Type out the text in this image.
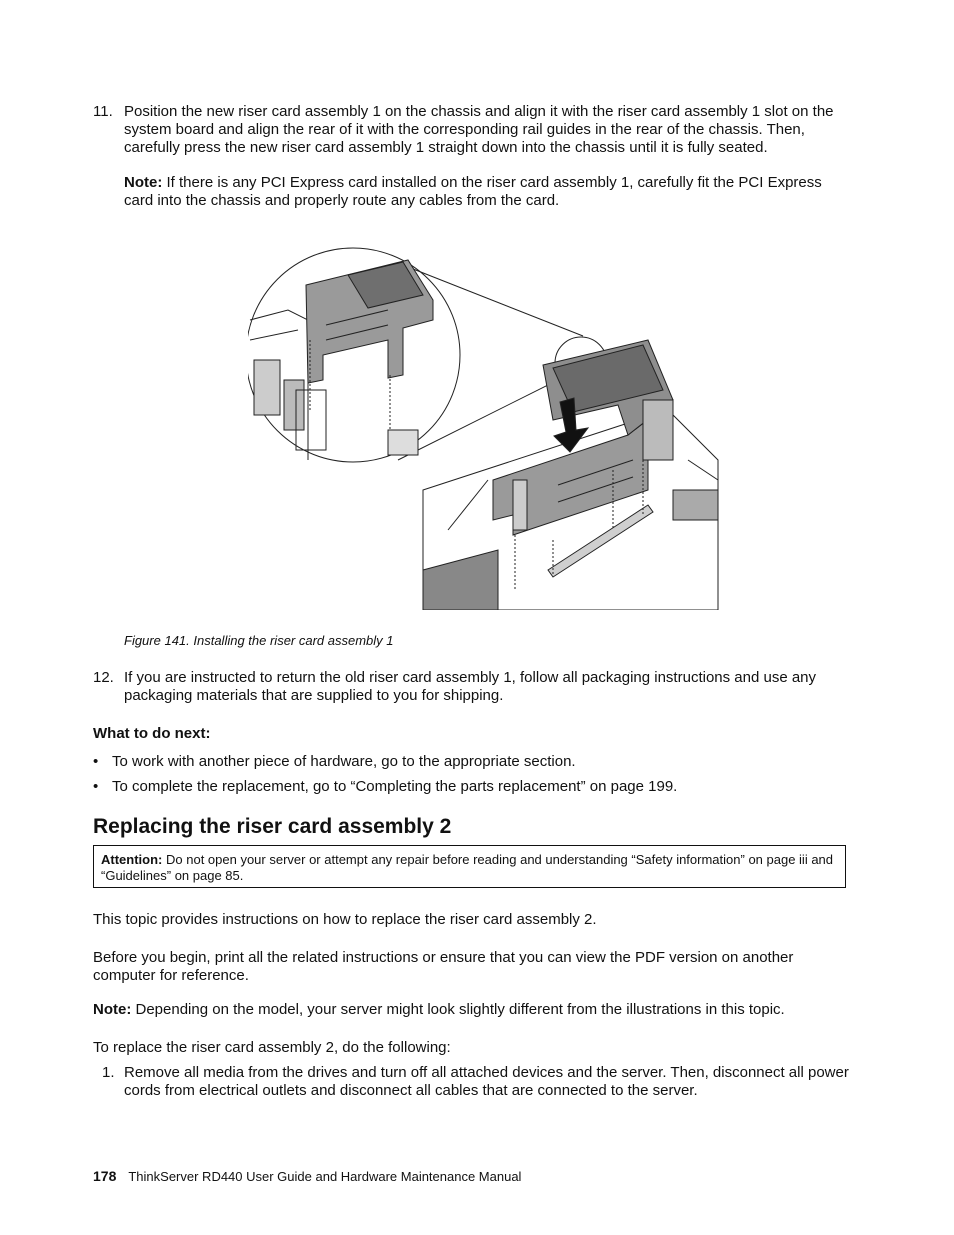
11. Position the new riser card assembly 1 on the chassis and align it with the riser card assembly 1 slot on the system board and align the rear of it with the corresponding rail guides in the rear of the chassis. Then, carefully press the new riser card assembly 1 straight down into the chassis until it is fully seated.

Note: If there is any PCI Express card installed on the riser card assembly 1, carefully fit the PCI Express card into the chassis and properly route any cables from the card.

Figure 141. Installing the riser card assembly 1
12. If you are instructed to return the old riser card assembly 1, follow all packaging instructions and use any packaging materials that are supplied to you for shipping.

What to do next:
• To work with another piece of hardware, go to the appropriate section.
• To complete the replacement, go to “Completing the parts replacement” on page 199.
Replacing the riser card assembly 2
Attention: Do not open your server or attempt any repair before reading and understanding “Safety information” on page iii and “Guidelines” on page 85.

This topic provides instructions on how to replace the riser card assembly 2.

Before you begin, print all the related instructions or ensure that you can view the PDF version on another computer for reference.

Note: Depending on the model, your server might look slightly different from the illustrations in this topic.

To replace the riser card assembly 2, do the following:

1. Remove all media from the drives and turn off all attached devices and the server. Then, disconnect all power cords from electrical outlets and disconnect all cables that are connected to the server.

178 ThinkServer RD440 User Guide and Hardware Maintenance Manual
